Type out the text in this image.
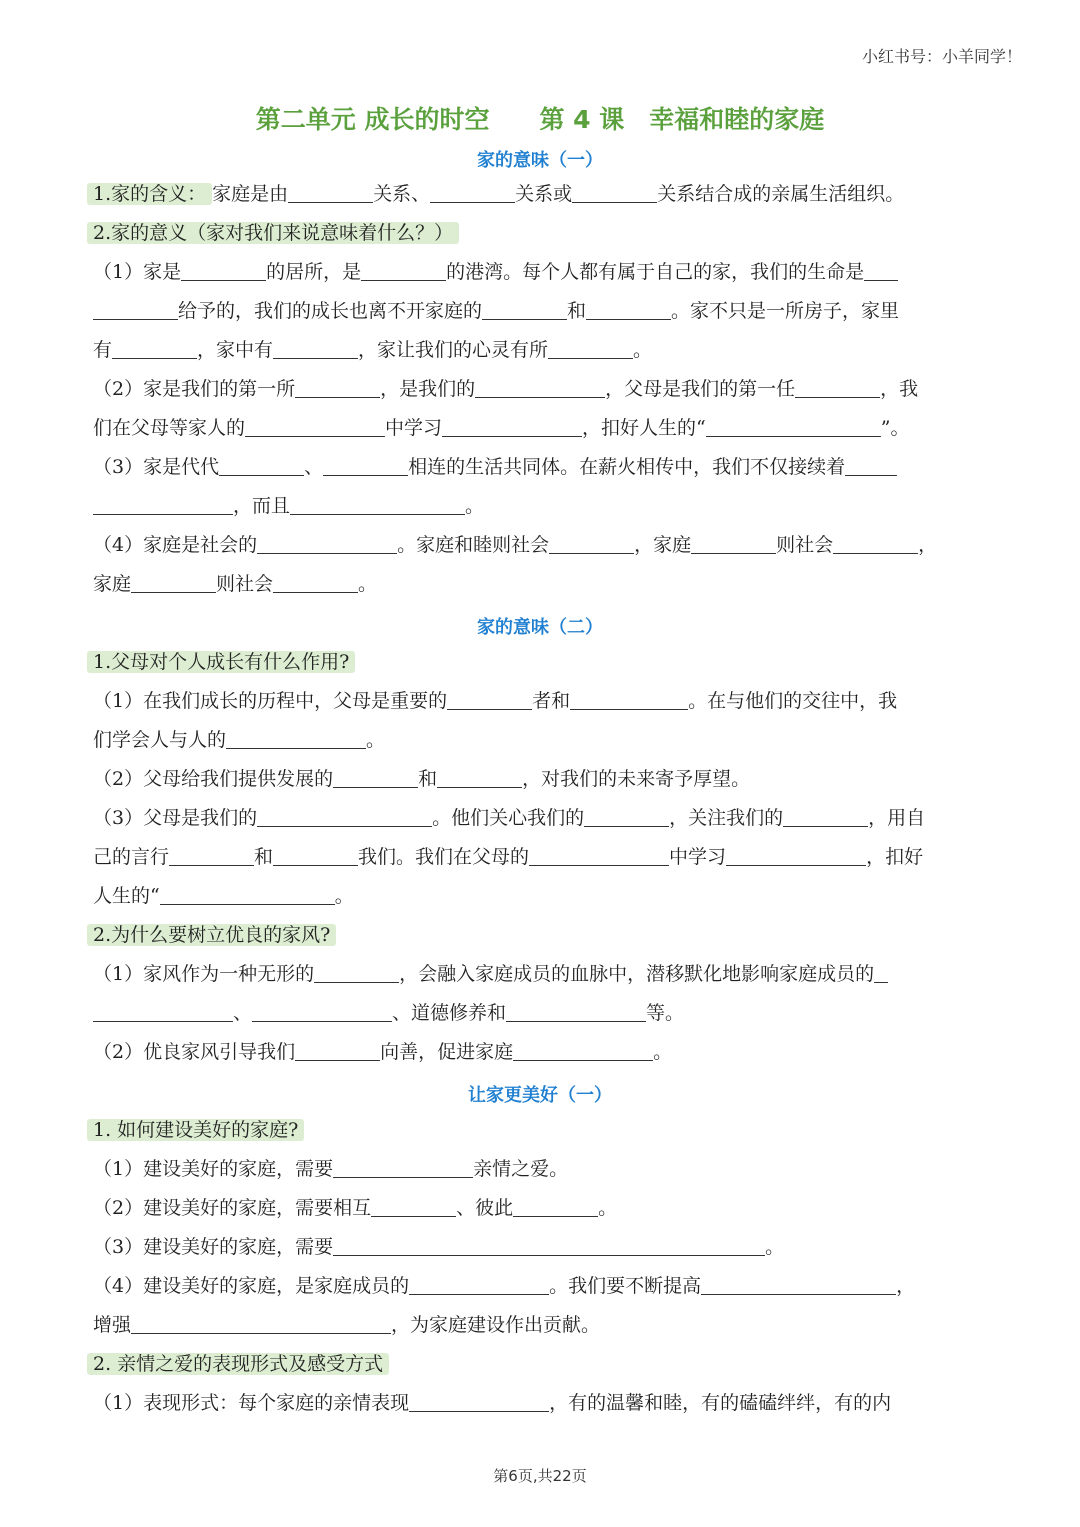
小红书号：小羊同学！
第二单元 成长的时空　　第 4 课　幸福和睦的家庭
家的意味（一）
1.家的含义： 家庭是由	关系、	关系或	关系结合成的亲属生活组织。
2.家的意义（家对我们来说意味着什么？）
（1）家是	的居所，是	的港湾。每个人都有属于自己的家，我们的生命是
给予的，我们的成长也离不开家庭的	和	。家不只是一所房子，家里
有	，家中有	，家让我们的心灵有所	。
（2）家是我们的第一所	，是我们的	，父母是我们的第一任	，我
们在父母等家人的	中学习	，扣好人生的“	”。
（3）家是代代	、	相连的生活共同体。在薪火相传中，我们不仅接续着
，而且	。
（4）家庭是社会的	。家庭和睦则社会	，家庭	则社会	，
家庭	则社会	。
家的意味（二）
1.父母对个人成长有什么作用?
（1）在我们成长的历程中，父母是重要的	者和	。在与他们的交往中，我
们学会人与人的	。
（2）父母给我们提供发展的	和	，对我们的未来寄予厚望。
（3）父母是我们的	。他们关心我们的	，关注我们的	，用自
己的言行	和	我们。我们在父母的	中学习	，扣好
人生的“	。
2.为什么要树立优良的家风?
（1）家风作为一种无形的	，会融入家庭成员的血脉中，潜移默化地影响家庭成员的
、	、道德修养和	等。
（2）优良家风引导我们	向善，促进家庭	。
让家更美好（一）
1. 如何建设美好的家庭?
（1）建设美好的家庭，需要	亲情之爱。
（2）建设美好的家庭，需要相互	、彼此	。
（3）建设美好的家庭，需要	。
（4）建设美好的家庭，是家庭成员的	。我们要不断提高	，
增强	，为家庭建设作出贡献。
2. 亲情之爱的表现形式及感受方式
（1）表现形式：每个家庭的亲情表现	，有的温馨和睦，有的磕磕绊绊，有的内
第6页,共22页
